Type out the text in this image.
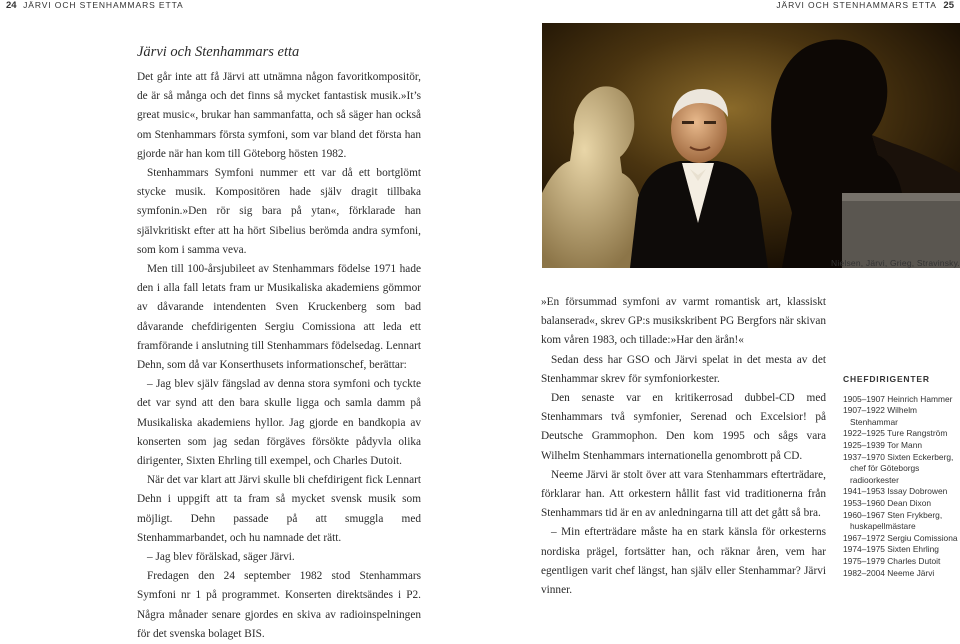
24 JÄRVI OCH STENHAMMARS ETTA	JÄRVI OCH STENHAMMARS ETTA 25
Järvi och Stenhammars etta

Det går inte att få Järvi att utnämna någon favoritkompositör, de är så många och det finns så mycket fantastisk musik.»It’s great music«, brukar han sammanfatta, och så säger han också om Stenhammars första symfoni, som var bland det första han gjorde när han kom till Göteborg hösten 1982.

Stenhammars Symfoni nummer ett var då ett bortglömt stycke musik. Kompositören hade själv dragit tillbaka symfonin.»Den rör sig bara på ytan«, förklarade han självkritiskt efter att ha hört Sibelius berömda andra symfoni, som kom i samma veva.

Men till 100-årsjubileet av Stenhammars födelse 1971 hade den i alla fall letats fram ur Musikaliska akademiens gömmor av dåvarande intendenten Sven Kruckenberg som bad dåvarande chefdirigenten Sergiu Comissiona att leda ett framförande i anslutning till Stenhammars födelsedag. Lennart Dehn, som då var Konserthusets informationschef, berättar:

– Jag blev själv fängslad av denna stora symfoni och tyckte det var synd att den bara skulle ligga och samla damm på Musikaliska akademiens hyllor. Jag gjorde en bandkopia av konserten som jag sedan förgäves försökte pådyvla olika dirigenter, Sixten Ehrling till exempel, och Charles Dutoit.

När det var klart att Järvi skulle bli chefdirigent fick Lennart Dehn i uppgift att ta fram så mycket svensk musik som möjligt. Dehn passade på att smuggla med Stenhammarbandet, och hu namnade det rätt.

– Jag blev förälskad, säger Järvi.

Fredagen den 24 september 1982 stod Stenhammars Symfoni nr 1 på programmet. Konserten direktsändes i P2. Några månader senare gjordes en skiva av radioinspelningen för det svenska bolaget BIS.

Nielsen, Järvi, Grieg, Stravinsky.

»En försummad symfoni av varmt romantisk art, klassiskt balanserad«, skrev GP:s musikskribent PG Bergfors när skivan kom våren 1983, och tillade:»Har den ärån!«

Sedan dess har GSO och Järvi spelat in det mesta av det Stenhammar skrev för symfoniorkester.

Den senaste var en kritikerrosad dubbel-CD med Stenhammars två symfonier, Serenad och Excelsior! på Deutsche Grammophon. Den kom 1995 och sågs vara Wilhelm Stenhammars internationella genombrott på CD.

Neeme Järvi är stolt över att vara Stenhammars efterträdare, förklarar han. Att orkestern hållit fast vid traditionerna från Stenhammars tid är en av anledningarna till att det gått så bra.

– Min efterträdare måste ha en stark känsla för orkesterns nordiska prägel, fortsätter han, och räknar åren, vem har egentligen varit chef längst, han själv eller Stenhammar? Järvi vinner.

CHEFDIRIGENTER
1905–1907 Heinrich Hammer
1907–1922 Wilhelm Stenhammar
1922–1925 Ture Rangström
1925–1939 Tor Mann
1937–1970 Sixten Eckerberg, chef för Göteborgs radioorkester
1941–1953 Issay Dobrowen
1953–1960 Dean Dixon
1960–1967 Sten Frykberg, huskapellmästare
1967–1972 Sergiu Comissiona
1974–1975 Sixten Ehrling
1975–1979 Charles Dutoit
1982–2004 Neeme Järvi
